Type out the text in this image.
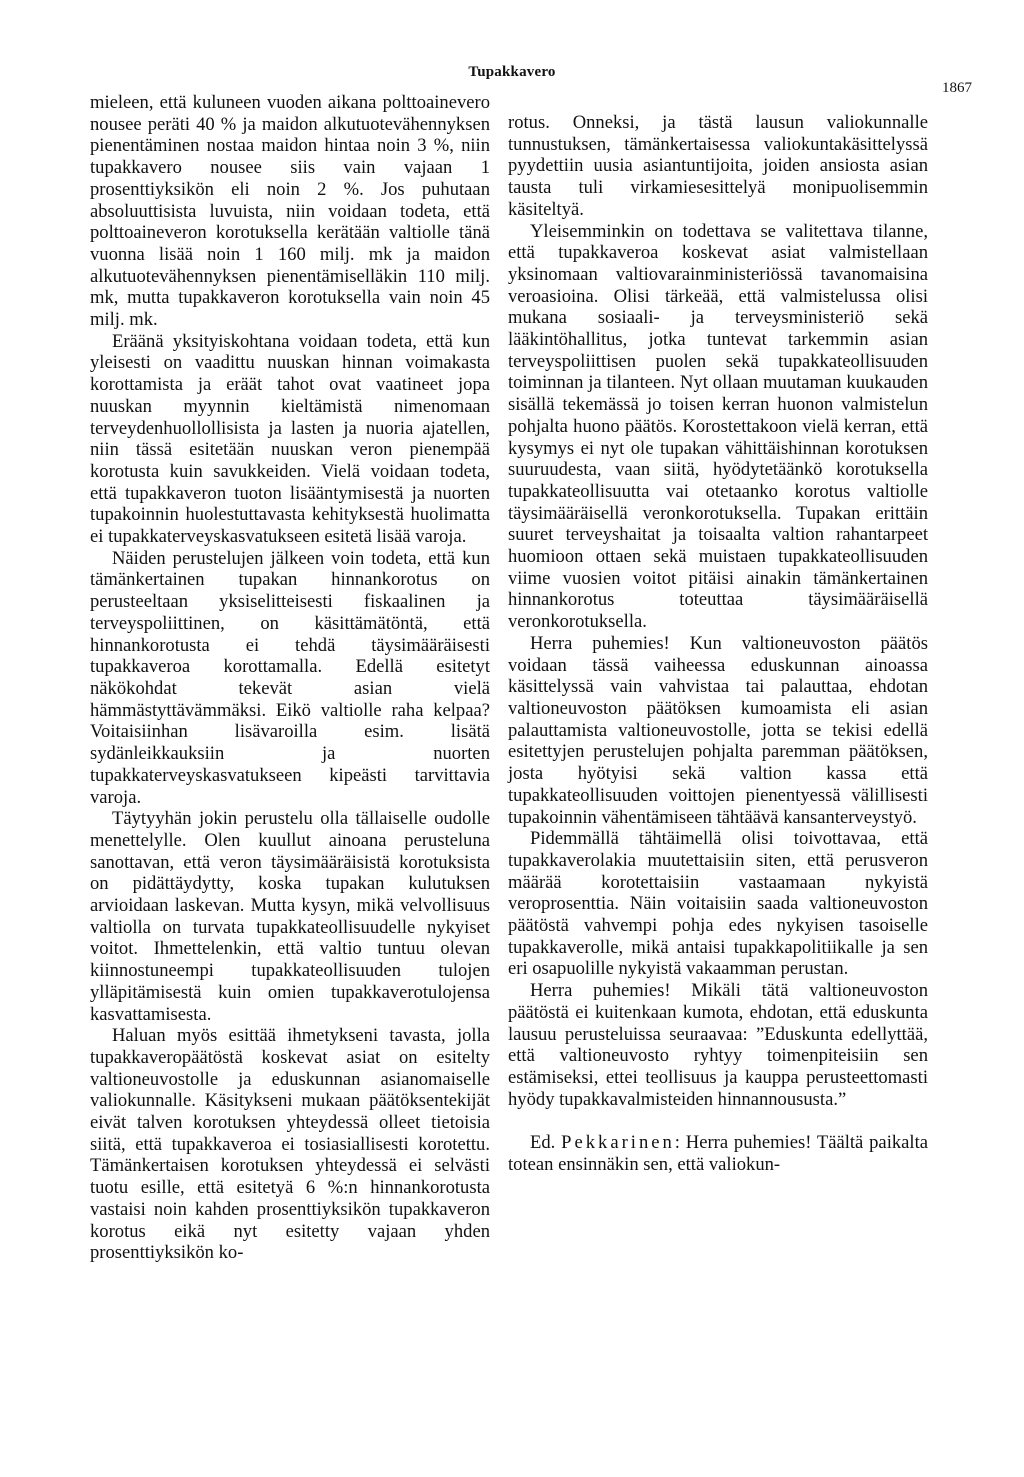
Tupakkavero
1867

mieleen, että kuluneen vuoden aikana polttoainevero nousee peräti 40 % ja maidon alkutuotevähennyksen pienentäminen nostaa maidon hintaa noin 3 %, niin tupakkavero nousee siis vain vajaan 1 prosenttiyksikön eli noin 2 %. Jos puhutaan absoluuttisista luvuista, niin voidaan todeta, että polttoaineveron korotuksella kerätään valtiolle tänä vuonna lisää noin 1 160 milj. mk ja maidon alkutuotevähennyksen pienentämiselläkin 110 milj. mk, mutta tupakkaveron korotuksella vain noin 45 milj. mk.

Eräänä yksityiskohtana voidaan todeta, että kun yleisesti on vaadittu nuuskan hinnan voimakasta korottamista ja eräät tahot ovat vaatineet jopa nuuskan myynnin kieltämistä nimenomaan terveydenhuollollisista ja lasten ja nuoria ajatellen, niin tässä esitetään nuuskan veron pienempää korotusta kuin savukkeiden. Vielä voidaan todeta, että tupakkaveron tuoton lisääntymisestä ja nuorten tupakoinnin huolestuttavasta kehityksestä huolimatta ei tupakkaterveyskasvatukseen esitetä lisää varoja.

Näiden perustelujen jälkeen voin todeta, että kun tämänkertainen tupakan hinnankorotus on perusteeltaan yksiselitteisesti fiskaalinen ja terveyspoliittinen, on käsittämätöntä, että hinnankorotusta ei tehdä täysimääräisesti tupakkaveroa korottamalla. Edellä esitetyt näkökohdat tekevät asian vielä hämmästyttävämmäksi. Eikö valtiolle raha kelpaa? Voitaisiinhan lisävaroilla esim. lisätä sydänleikkauksiin ja nuorten tupakkaterveyskasvatukseen kipeästi tarvittavia varoja.

Täytyyhän jokin perustelu olla tällaiselle oudolle menettelylle. Olen kuullut ainoana perusteluna sanottavan, että veron täysimääräisistä korotuksista on pidättäydytty, koska tupakan kulutuksen arvioidaan laskevan. Mutta kysyn, mikä velvollisuus valtiolla on turvata tupakkateollisuudelle nykyiset voitot. Ihmettelenkin, että valtio tuntuu olevan kiinnostuneempi tupakkateollisuuden tulojen ylläpitämisestä kuin omien tupakkaverotulojensa kasvattamisesta.

Haluan myös esittää ihmetykseni tavasta, jolla tupakkaveropäätöstä koskevat asiat on esitelty valtioneuvostolle ja eduskunnan asianomaiselle valiokunnalle. Käsitykseni mukaan päätöksentekijät eivät talven korotuksen yhteydessä olleet tietoisia siitä, että tupakkaveroa ei tosiasiallisesti korotettu. Tämänkertaisen korotuksen yhteydessä ei selvästi tuotu esille, että esitetyä 6 %:n hinnankorotusta vastaisi noin kahden prosenttiyksikön tupakkaveron korotus eikä nyt esitetty vajaan yhden prosenttiyksikön ko-

rotus. Onneksi, ja tästä lausun valiokunnalle tunnustuksen, tämänkertaisessa valiokuntakäsittelyssä pyydettiin uusia asiantuntijoita, joiden ansiosta asian tausta tuli virkamiesesittelyä monipuolisemmin käsiteltyä.

Yleisemminkin on todettava se valitettava tilanne, että tupakkaveroa koskevat asiat valmistellaan yksinomaan valtiovarainministeriössä tavanomaisina veroasioina. Olisi tärkeää, että valmistelussa olisi mukana sosiaali- ja terveysministeriö sekä lääkintöhallitus, jotka tuntevat tarkemmin asian terveyspoliittisen puolen sekä tupakkateollisuuden toiminnan ja tilanteen. Nyt ollaan muutaman kuukauden sisällä tekemässä jo toisen kerran huonon valmistelun pohjalta huono päätös. Korostettakoon vielä kerran, että kysymys ei nyt ole tupakan vähittäishinnan korotuksen suuruudesta, vaan siitä, hyödytetäänkö korotuksella tupakkateollisuutta vai otetaanko korotus valtiolle täysimääräisellä veronkorotuksella. Tupakan erittäin suuret terveyshaitat ja toisaalta valtion rahantarpeet huomioon ottaen sekä muistaen tupakkateollisuuden viime vuosien voitot pitäisi ainakin tämänkertainen hinnankorotus toteuttaa täysimääräisellä veronkorotuksella.

Herra puhemies! Kun valtioneuvoston päätös voidaan tässä vaiheessa eduskunnan ainoassa käsittelyssä vain vahvistaa tai palauttaa, ehdotan valtioneuvoston päätöksen kumoamista eli asian palauttamista valtioneuvostolle, jotta se tekisi edellä esitettyjen perustelujen pohjalta paremman päätöksen, josta hyötyisi sekä valtion kassa että tupakkateollisuuden voittojen pienentyessä välillisesti tupakoinnin vähentämiseen tähtäävä kansanterveystyö.

Pidemmällä tähtäimellä olisi toivottavaa, että tupakkaverolakia muutettaisiin siten, että perusveron määrää korotettaisiin vastaamaan nykyistä veroprosenttia. Näin voitaisiin saada valtioneuvoston päätöstä vahvempi pohja edes nykyisen tasoiselle tupakkaverolle, mikä antaisi tupakkapolitiikalle ja sen eri osapuolille nykyistä vakaamman perustan.

Herra puhemies! Mikäli tätä valtioneuvoston päätöstä ei kuitenkaan kumota, ehdotan, että eduskunta lausuu perusteluissa seuraavaa: ”Eduskunta edellyttää, että valtioneuvosto ryhtyy toimenpiteisiin sen estämiseksi, ettei teollisuus ja kauppa perusteettomasti hyödy tupakkavalmisteiden hinnannoususta.”

Ed. Pekkarinen: Herra puhemies! Täältä paikalta totean ensinnäkin sen, että valiokun-
